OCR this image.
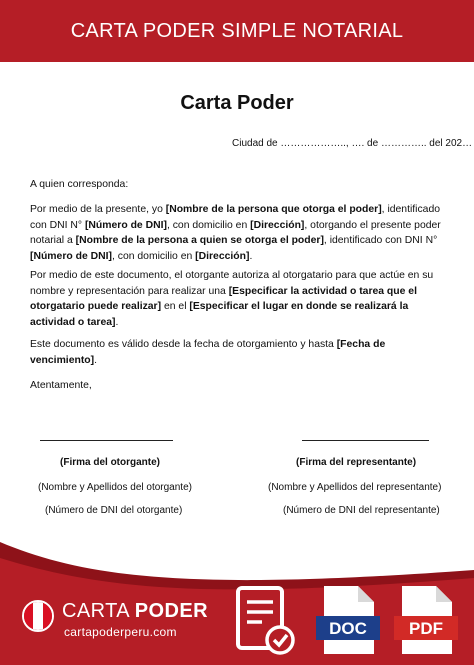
CARTA PODER SIMPLE NOTARIAL
Carta Poder
Ciudad de ……………….., …. de ………….. del 202…
A quien corresponda:
Por medio de la presente, yo [Nombre de la persona que otorga el poder], identificado con DNI N° [Número de DNI], con domicilio en [Dirección], otorgando el presente poder notarial a [Nombre de la persona a quien se otorga el poder], identificado con DNI N° [Número de DNI], con domicilio en [Dirección].
Por medio de este documento, el otorgante autoriza al otorgatario para que actúe en su nombre y representación para realizar una [Especificar la actividad o tarea que el otorgatario puede realizar] en el [Especificar el lugar en donde se realizará la actividad o tarea].
Este documento es válido desde la fecha de otorgamiento y hasta [Fecha de vencimiento].
Atentamente,
(Firma del otorgante)
(Nombre y Apellidos del otorgante)
(Número de DNI del otorgante)
(Firma del representante)
(Nombre y Apellidos del representante)
(Número de DNI del representante)
CARTA PODER
cartapoderperu.com	DOC	PDF
